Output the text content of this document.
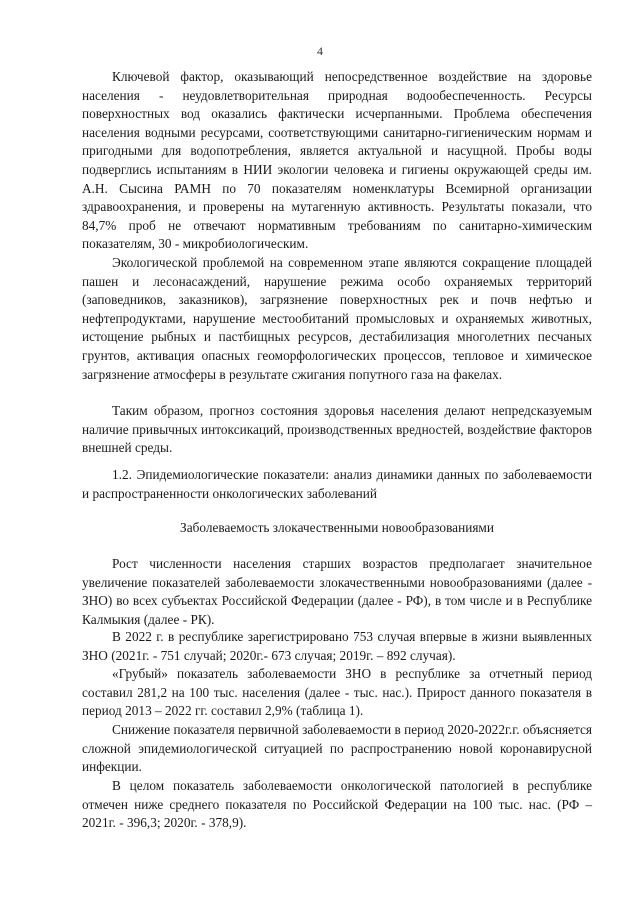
4

Ключевой фактор, оказывающий непосредственное воздействие на здоровье населения - неудовлетворительная природная водообеспеченность. Ресурсы поверхностных вод оказались фактически исчерпанными. Проблема обеспечения населения водными ресурсами, соответствующими санитарно-гигиеническим нормам и пригодными для водопотребления, является актуальной и насущной. Пробы воды подверглись испытаниям в НИИ экологии человека и гигиены окружающей среды им. А.Н. Сысина РАМН по 70 показателям номенклатуры Всемирной организации здравоохранения, и проверены на мутагенную активность. Результаты показали, что 84,7% проб не отвечают нормативным требованиям по санитарно-химическим показателям, 30 - микробиологическим.

Экологической проблемой на современном этапе являются сокращение площадей пашен и лесонасаждений, нарушение режима особо охраняемых территорий (заповедников, заказников), загрязнение поверхностных рек и почв нефтью и нефтепродуктами, нарушение местообитаний промысловых и охраняемых животных, истощение рыбных и пастбищных ресурсов, дестабилизация многолетних песчаных грунтов, активация опасных геоморфологических процессов, тепловое и химическое загрязнение атмосферы в результате сжигания попутного газа на факелах.

Таким образом, прогноз состояния здоровья населения делают непредсказуемым наличие привычных интоксикаций, производственных вредностей, воздействие факторов внешней среды.

1.2. Эпидемиологические показатели: анализ динамики данных по заболеваемости и распространенности онкологических заболеваний

Заболеваемость злокачественными новообразованиями

Рост численности населения старших возрастов предполагает значительное увеличение показателей заболеваемости злокачественными новообразованиями (далее - ЗНО) во всех субъектах Российской Федерации (далее - РФ), в том числе и в Республике Калмыкия (далее - РК).

В 2022 г. в республике зарегистрировано 753 случая впервые в жизни выявленных ЗНО (2021г. - 751 случай; 2020г.- 673 случая; 2019г. – 892 случая).

«Грубый» показатель заболеваемости ЗНО в республике за отчетный период составил 281,2 на 100 тыс. населения (далее - тыс. нас.). Прирост данного показателя в период 2013 – 2022 гг. составил 2,9% (таблица 1).

Снижение показателя первичной заболеваемости в период 2020-2022г.г. объясняется сложной эпидемиологической ситуацией по распространению новой коронавирусной инфекции.

В целом показатель заболеваемости онкологической патологией в республике отмечен ниже среднего показателя по Российской Федерации на 100 тыс. нас. (РФ – 2021г. - 396,3; 2020г. - 378,9).
